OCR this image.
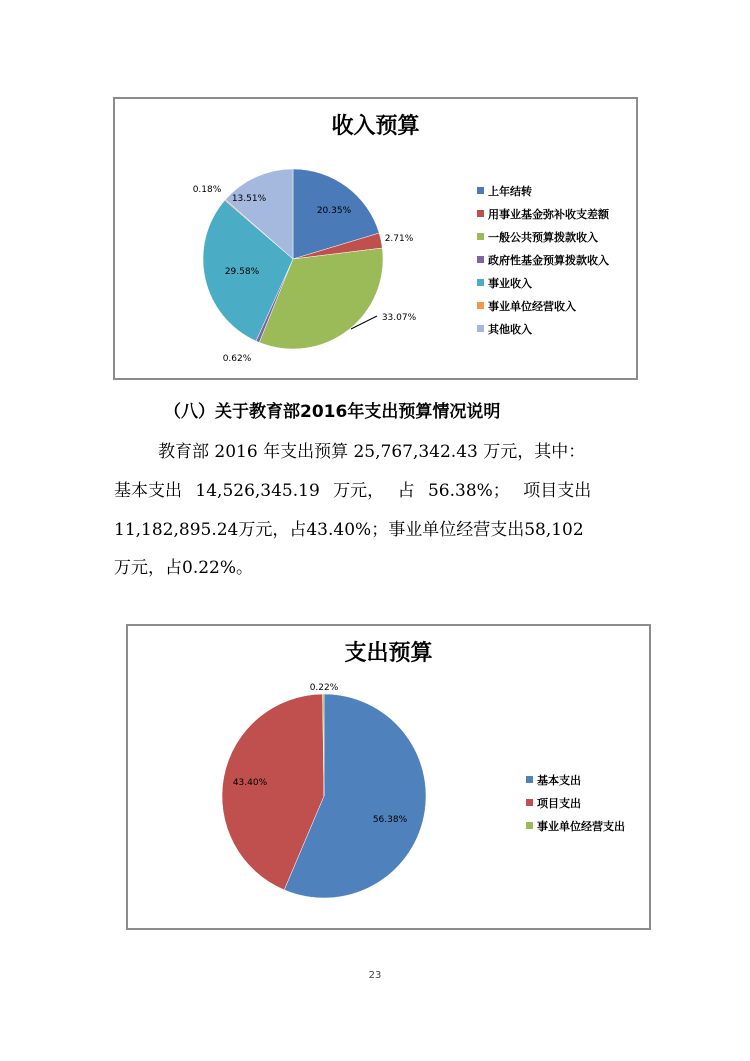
收入预算
20.35%
2.71%
33.07%
0.62%
29.58%
0.18%
13.51%
上年结转
用事业基金弥补收支差额
一般公共预算拨款收入
政府性基金预算拨款收入
事业收入
事业单位经营收入
其他收入
（八）关于教育部2016年支出预算情况说明
教育部 2016 年支出预算 25,767,342.43 万元，其中：
基本支出 14,526,345.19 万元， 占 56.38%； 项目支出
11,182,895.24万元，占43.40%；事业单位经营支出58,102
万元，占0.22%。
支出预算
56.38%
43.40%
0.22%
基本支出
项目支出
事业单位经营支出
23
